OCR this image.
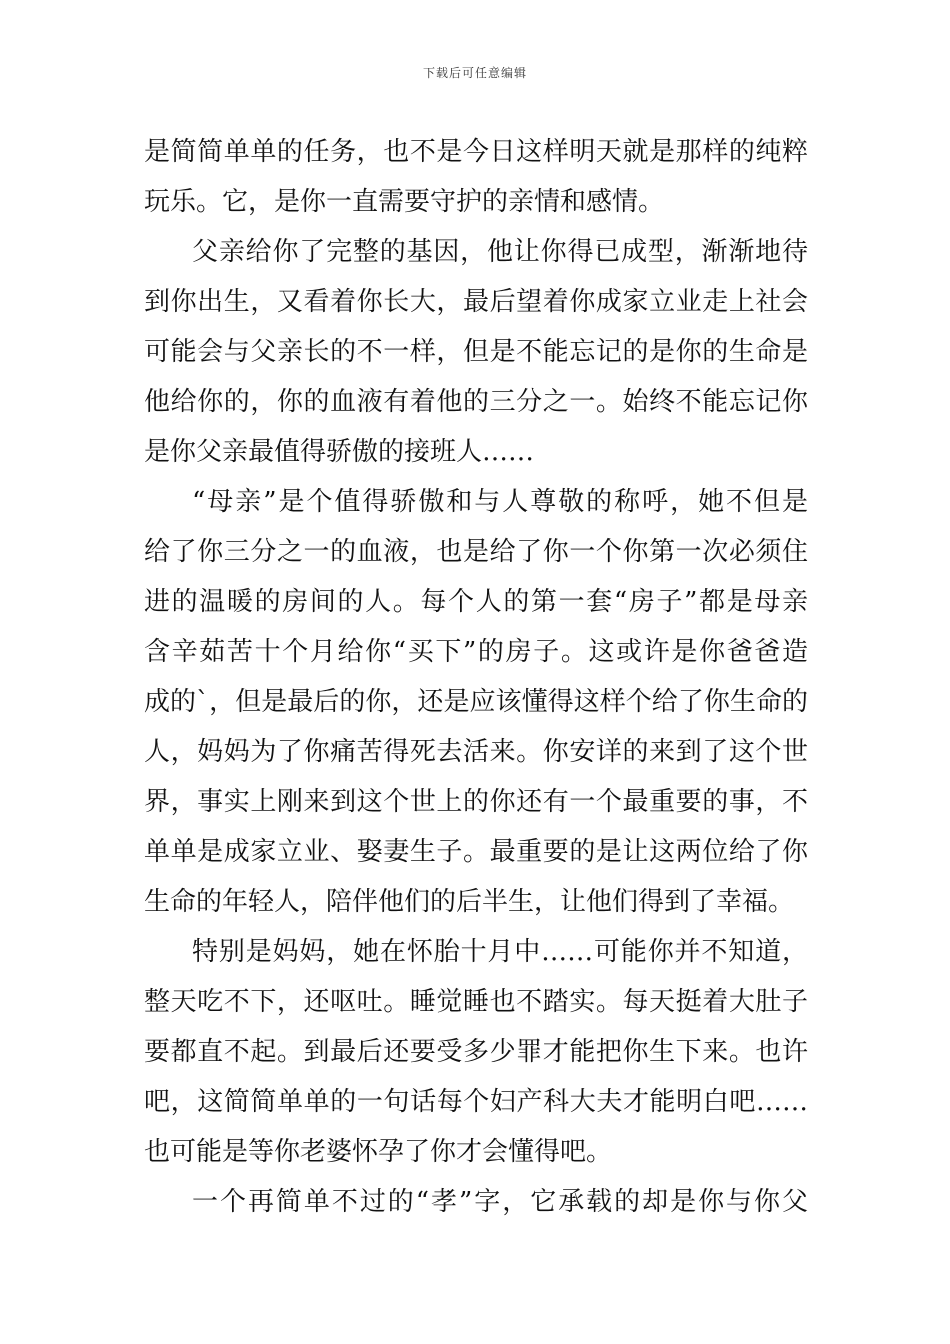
下载后可任意编辑
是简简单单的任务，也不是今日这样明天就是那样的纯粹
玩乐。它，是你一直需要守护的亲情和感情。
父亲给你了完整的基因，他让你得已成型，渐渐地待
到你出生，又看着你长大，最后望着你成家立业走上社会
可能会与父亲长的不一样，但是不能忘记的是你的生命是
他给你的，你的血液有着他的三分之一。始终不能忘记你
是你父亲最值得骄傲的接班人……
“母亲”是个值得骄傲和与人尊敬的称呼，她不但是
给了你三分之一的血液，也是给了你一个你第一次必须住
进的温暖的房间的人。每个人的第一套“房子”都是母亲
含辛茹苦十个月给你“买下”的房子。这或许是你爸爸造
成的`，但是最后的你，还是应该懂得这样个给了你生命的
人，妈妈为了你痛苦得死去活来。你安详的来到了这个世
界，事实上刚来到这个世上的你还有一个最重要的事，不
单单是成家立业、娶妻生子。最重要的是让这两位给了你
生命的年轻人，陪伴他们的后半生，让他们得到了幸福。
特别是妈妈，她在怀胎十月中……可能你并不知道，
整天吃不下，还呕吐。睡觉睡也不踏实。每天挺着大肚子
要都直不起。到最后还要受多少罪才能把你生下来。也许
吧，这简简单单的一句话每个妇产科大夫才能明白吧……
也可能是等你老婆怀孕了你才会懂得吧。
一个再简单不过的“孝”字，它承载的却是你与你父
